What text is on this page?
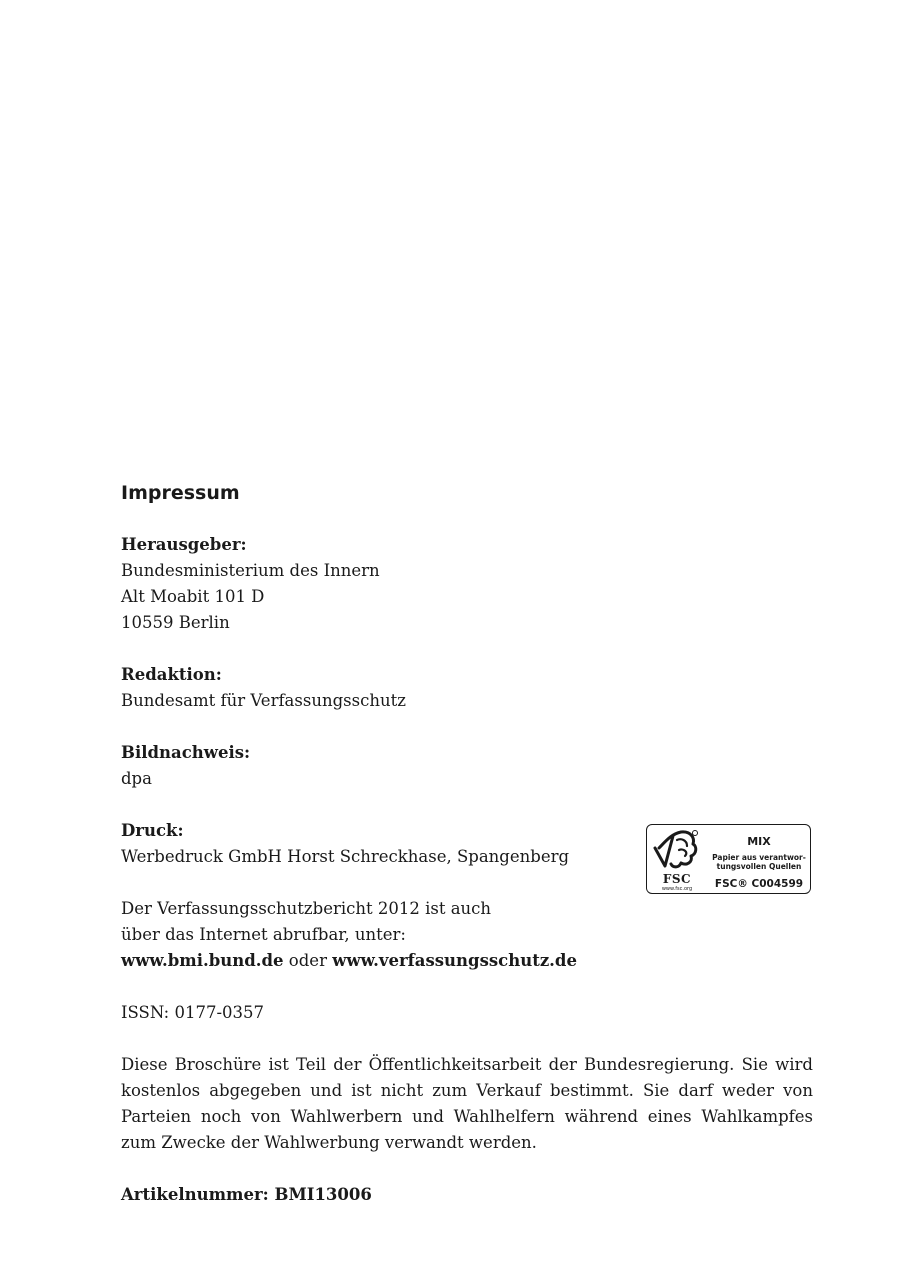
Impressum
Herausgeber:
Bundesministerium des Innern
Alt Moabit 101 D
10559 Berlin
Redaktion:
Bundesamt für Verfassungsschutz
Bildnachweis:
dpa
Druck:
Werbedruck GmbH Horst Schreckhase, Spangenberg
Der Verfassungsschutzbericht 2012 ist auch
über das Internet abrufbar, unter:
www.bmi.bund.de oder www.verfassungsschutz.de
ISSN: 0177-0357
Diese Broschüre ist Teil der Öffentlichkeitsarbeit der Bundesregierung. Sie wird kostenlos abgegeben und ist nicht zum Verkauf bestimmt. Sie darf weder von Parteien noch von Wahlwerbern und Wahlhelfern während eines Wahlkampfes zum Zwecke der Wahlwerbung verwandt werden.
Artikelnummer: BMI13006
FSC
www.fsc.org
MIX
Papier aus verantwor-
tungsvollen Quellen
FSC® C004599
